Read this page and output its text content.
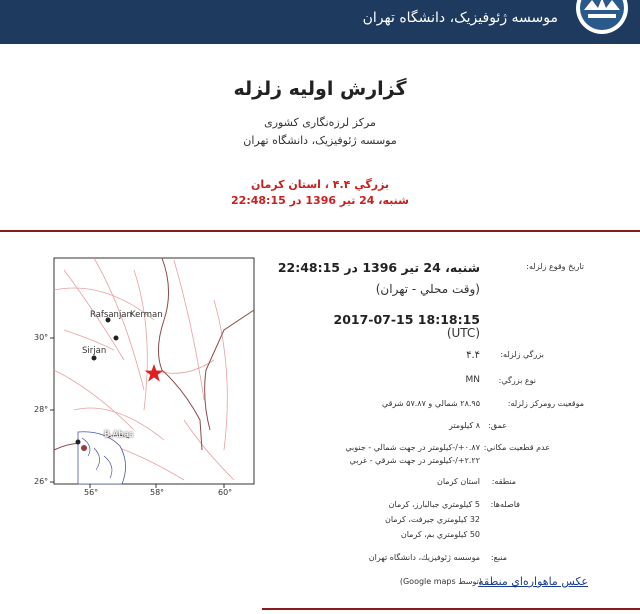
موسسه ژئوفیزیک، دانشگاه تهران
گزارش اولیه زلزله
مرکز لرزه‌نگاری کشوری
موسسه ژئوفیزیک، دانشگاه تهران
بزرگي ۴.۴ ، استان كرمان
شنبه، 24 تیر 1396 در 22:48:15
Rafsanjan
Kerman
Sirjan
B.Abas
30°
28°
26°
56°	58°	60°
تاريخ وقوع زلزله:
شنبه، 24 تیر 1396 در 22:48:15
(وقت محلي - تهران)
2017-07-15 18:18:15
(UTC)
بزرگي زلزله:
۴.۴
نوع بزرگي:
MN
موقعيت رومركز زلزله:
۲۸.۹۵ شمالي و ۵۷.۸۷ شرقي
عمق:
۸ كيلومتر
عدم قطعيت مكاني:
۰.۸۷+/-کیلومتر در جهت شمالي - جنوبي
۲.۲۲+/-کیلومتر در جهت شرقي - غربي
منطقه:
استان كرمان
فاصله‌ها:
5 كيلومتري جبالبارز، كرمان
32 كيلومتري جيرفت، كرمان
50 كيلومتري بم، كرمان
منبع:
موسسه ژئوفيزيك، دانشگاه تهران
عكس ماهواره‌اي منطقه
(توسط Google maps)
